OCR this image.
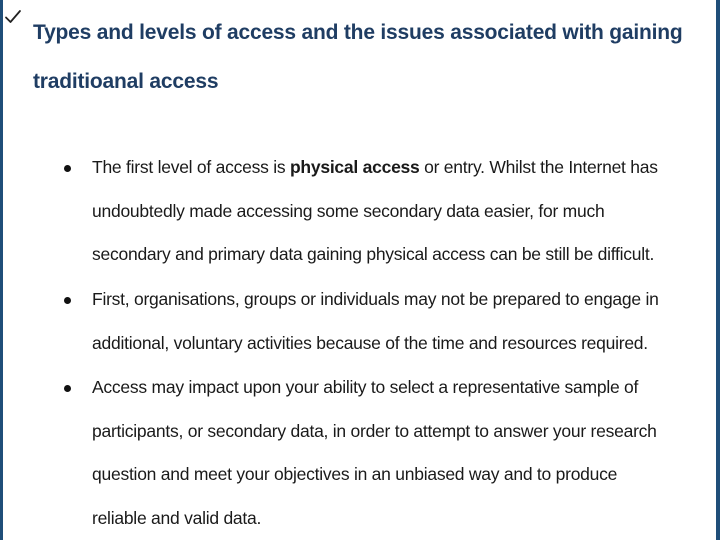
Types and levels of access and the issues associated with gaining
traditioanal access
The first level of access is physical access or entry. Whilst the Internet has
undoubtedly made accessing some secondary data easier, for much
secondary and primary data gaining physical access can be still be difficult.
First, organisations, groups or individuals may not be prepared to engage in
additional, voluntary activities because of the time and resources required.
Access may impact upon your ability to select a representative sample of
participants, or secondary data, in order to attempt to answer your research
question and meet your objectives in an unbiased way and to produce
reliable and valid data.
